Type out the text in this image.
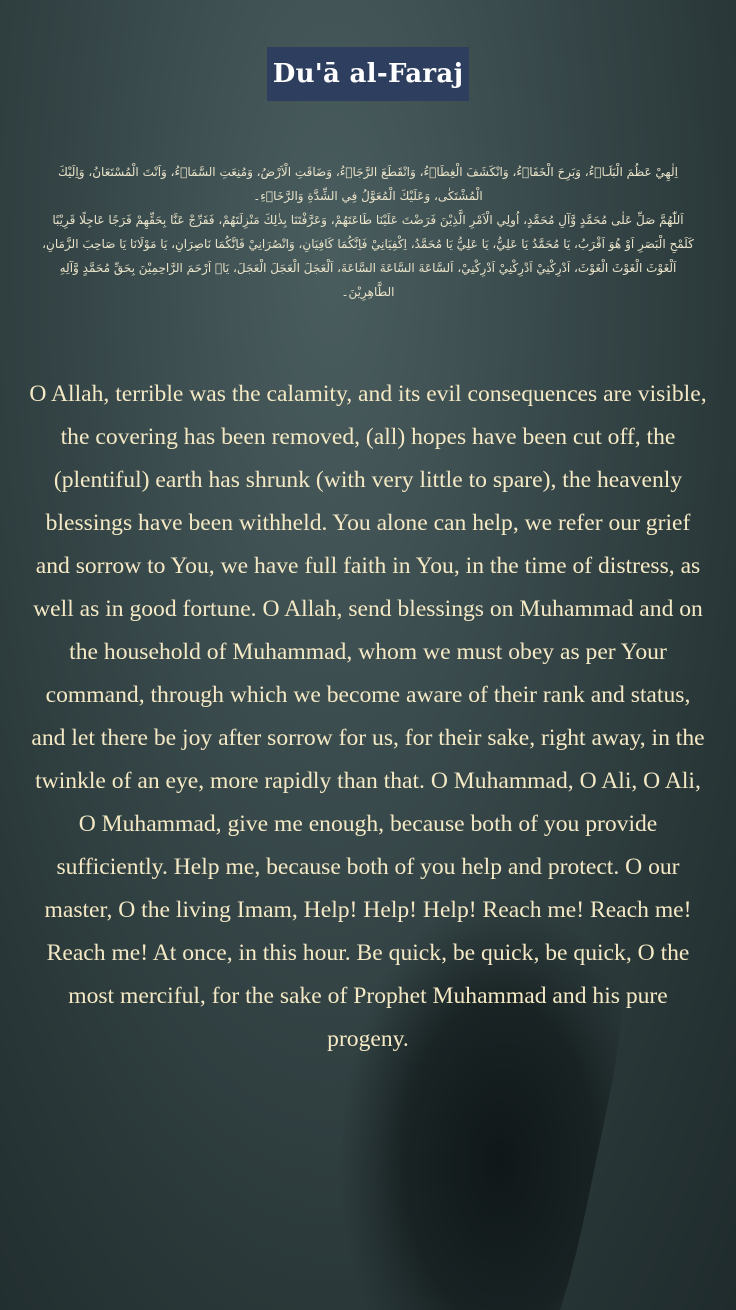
Du'ā al-Faraj

اِلٰهِيْ عَظُمَ الْبَلَاۤءُ، وَبَرِحَ الْخَفَاۤءُ، وَانْكَشَفَ الْغِطَاۤءُ، وَانْقَطَعَ الرَّجَاۤءُ، وَضَاقَتِ الْاَرْضُ، وَمُنِعَتِ السَّمَاۤءُ، وَاَنْتَ الْمُسْتَعَانُ، وَاِلَيْكَ الْمُشْتَكٰى، وَعَلَيْكَ الْمُعَوَّلُ فِي الشِّدَّةِ وَالرَّخَاۤءِ۔

اَللّٰهُمَّ صَلِّ عَلٰى مُحَمَّدٍ وَّآلِ مُحَمَّدٍ، اُولِي الْاَمْرِ الَّذِيْنَ فَرَضْتَ عَلَيْنَا طَاعَتَهُمْ، وَعَرَّفْتَنَا بِذٰلِكَ مَنْزِلَتَهُمْ، فَفَرِّجْ عَنَّا بِحَقِّهِمْ فَرَجًا عَاجِلًا قَرِيْبًا كَلَمْحِ الْبَصَرِ اَوْ هُوَ اَقْرَبُ، يَا مُحَمَّدُ يَا عَلِيُّ، يَا عَلِيُّ يَا مُحَمَّدُ، اِكْفِيَانِيْ فَاِنَّكُمَا كَافِيَانِ، وَانْصُرَانِيْ فَاِنَّكُمَا نَاصِرَانِ، يَا مَوْلَانَا يَا صَاحِبَ الزَّمَانِ، اَلْغَوْثَ الْغَوْثَ الْغَوْثَ، اَدْرِكْنِيْ اَدْرِكْنِيْ اَدْرِكْنِيْ، اَلسَّاعَةَ السَّاعَةَ السَّاعَةَ، اَلْعَجَلَ الْعَجَلَ الْعَجَلَ، يَاۤ اَرْحَمَ الرَّاحِمِيْنَ بِحَقِّ مُحَمَّدٍ وَّآلِهِ الطَّاهِرِيْنَ۔

O Allah, terrible was the calamity, and its evil consequences are visible, the covering has been removed, (all) hopes have been cut off, the (plentiful) earth has shrunk (with very little to spare), the heavenly blessings have been withheld. You alone can help, we refer our grief and sorrow to You, we have full faith in You, in the time of distress, as well as in good fortune. O Allah, send blessings on Muhammad and on the household of Muhammad, whom we must obey as per Your command, through which we become aware of their rank and status, and let there be joy after sorrow for us, for their sake, right away, in the twinkle of an eye, more rapidly than that. O Muhammad, O Ali, O Ali, O Muhammad, give me enough, because both of you provide sufficiently. Help me, because both of you help and protect. O our master, O the living Imam, Help! Help! Help! Reach me! Reach me! Reach me! At once, in this hour. Be quick, be quick, be quick, O the most merciful, for the sake of Prophet Muhammad and his pure progeny.
